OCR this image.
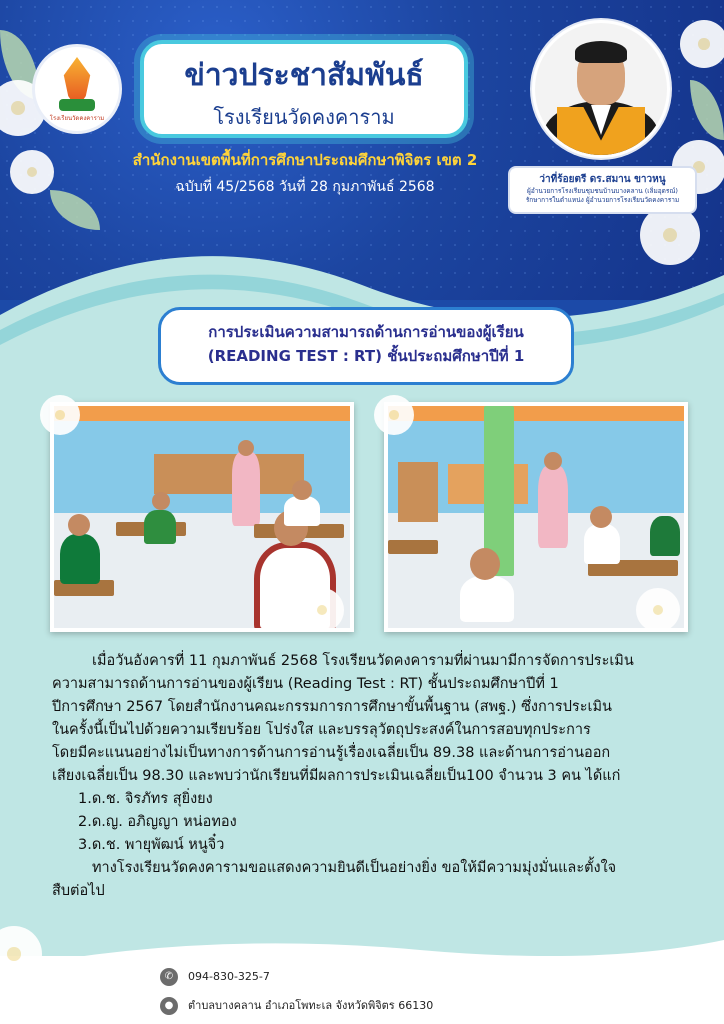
โรงเรียนวัดคงคาราม
ข่าวประชาสัมพันธ์
โรงเรียนวัดคงคาราม
สำนักงานเขตพื้นที่การศึกษาประถมศึกษาพิจิตร เขต 2
ฉบับที่ 45/2568 วันที่ 28 กุมภาพันธ์ 2568	ว่าที่ร้อยตรี ดร.สมาน ขาวหนู
ผู้อำนวยการโรงเรียนชุมชนบ้านบางคลาน (เลิ่มอุดรณ์)
รักษาการในตำแหน่ง ผู้อำนวยการโรงเรียนวัดคงคาราม
การประเมินความสามารถด้านการอ่านของผู้เรียน
(READING TEST : RT) ชั้นประถมศึกษาปีที่ 1

เมื่อวันอังคารที่ 11 กุมภาพันธ์ 2568 โรงเรียนวัดคงคารามที่ผ่านมามีการจัดการประเมิน

ความสามารถด้านการอ่านของผู้เรียน (Reading Test : RT) ชั้นประถมศึกษาปีที่ 1

ปีการศึกษา 2567 โดยสำนักงานคณะกรรมการการศึกษาขั้นพื้นฐาน (สพฐ.) ซึ่งการประเมิน

ในครั้งนี้เป็นไปด้วยความเรียบร้อย โปร่งใส และบรรลุวัตถุประสงค์ในการสอบทุกประการ

โดยมีคะแนนอย่างไม่เป็นทางการด้านการอ่านรู้เรื่องเฉลี่ยเป็น 89.38 และด้านการอ่านออก

เสียงเฉลี่ยเป็น 98.30 และพบว่านักเรียนที่มีผลการประเมินเฉลี่ยเป็น100 จำนวน 3 คน ได้แก่

1.ด.ช. จิรภัทร สุยิ่งยง

2.ด.ญ. อภิญญา หน่อทอง

3.ด.ช. พายุพัฒน์ หนูจิ๋ว

ทางโรงเรียนวัดคงคารามขอแสดงความยินดีเป็นอย่างยิ่ง ขอให้มีความมุ่งมั่นและตั้งใจ

สืบต่อไป

✆ 094-830-325-7
● ตำบลบางคลาน อำเภอโพทะเล จังหวัดพิจิตร 66130
